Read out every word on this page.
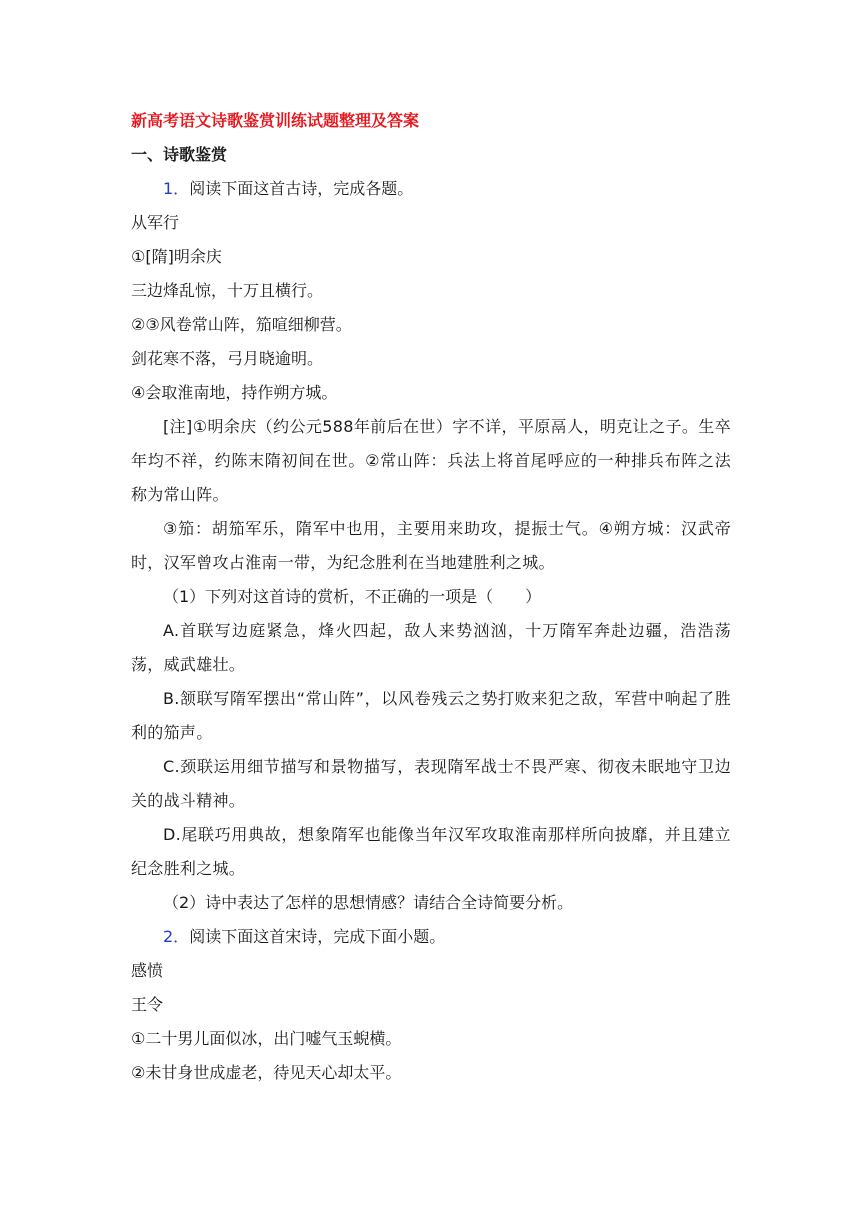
新高考语文诗歌鉴赏训练试题整理及答案
一、诗歌鉴赏
1．阅读下面这首古诗，完成各题。
从军行
①[隋]明余庆
三边烽乱惊，十万且横行。
②③风卷常山阵，笳喧细柳营。
剑花寒不落，弓月晓逾明。
④会取淮南地，持作朔方城。
[注]①明余庆（约公元588年前后在世）字不详，平原鬲人，明克让之子。生卒年均不祥，约陈末隋初间在世。②常山阵：兵法上将首尾呼应的一种排兵布阵之法称为常山阵。
③笳：胡笳军乐，隋军中也用，主要用来助攻，提振士气。④朔方城：汉武帝时，汉军曾攻占淮南一带，为纪念胜利在当地建胜利之城。
（1）下列对这首诗的赏析，不正确的一项是（　　）
A.首联写边庭紧急，烽火四起，敌人来势汹汹，十万隋军奔赴边疆，浩浩荡荡，威武雄壮。
B.颔联写隋军摆出“常山阵”，以风卷残云之势打败来犯之敌，军营中响起了胜利的笳声。
C.颈联运用细节描写和景物描写，表现隋军战士不畏严寒、彻夜未眠地守卫边关的战斗精神。
D.尾联巧用典故，想象隋军也能像当年汉军攻取淮南那样所向披靡，并且建立纪念胜利之城。
（2）诗中表达了怎样的思想情感？请结合全诗简要分析。
2．阅读下面这首宋诗，完成下面小题。
感愤
王令
①二十男儿面似冰，出门嘘气玉蜺横。
②未甘身世成虚老，待见天心却太平。
